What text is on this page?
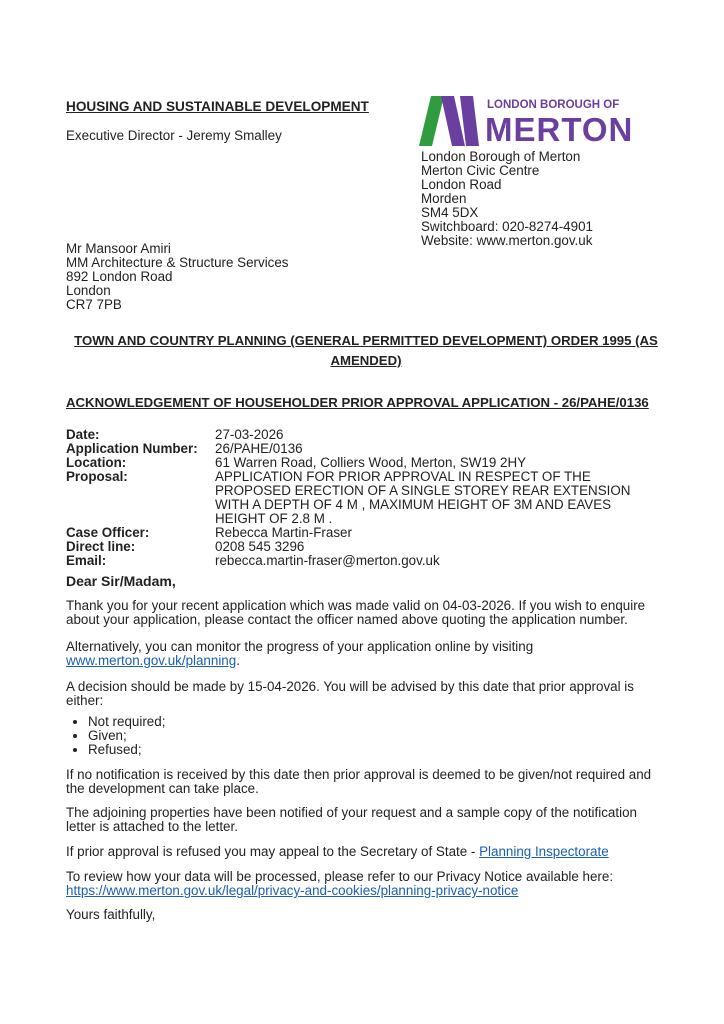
HOUSING AND SUSTAINABLE DEVELOPMENT
Executive Director - Jeremy Smalley
LONDON BOROUGH OF
MERTON
London Borough of Merton
Merton Civic Centre
London Road
Morden
SM4 5DX
Switchboard: 020-8274-4901
Website: www.merton.gov.uk
Mr Mansoor Amiri
MM Architecture & Structure Services
892 London Road
London
CR7 7PB
TOWN AND COUNTRY PLANNING (GENERAL PERMITTED DEVELOPMENT) ORDER 1995 (AS AMENDED)
ACKNOWLEDGEMENT OF HOUSEHOLDER PRIOR APPROVAL APPLICATION - 26/PAHE/0136
Date:	27-03-2026
Application Number:	26/PAHE/0136
Location:	61 Warren Road, Colliers Wood, Merton, SW19 2HY
Proposal:	APPLICATION FOR PRIOR APPROVAL IN RESPECT OF THE PROPOSED ERECTION OF A SINGLE STOREY REAR EXTENSION WITH A DEPTH OF 4 M , MAXIMUM HEIGHT OF 3M AND EAVES HEIGHT OF 2.8 M .
Case Officer:	Rebecca Martin-Fraser
Direct line:	0208 545 3296
Email:	rebecca.martin-fraser@merton.gov.uk
Dear Sir/Madam,
Thank you for your recent application which was made valid on 04-03-2026. If you wish to enquire about your application, please contact the officer named above quoting the application number.
Alternatively, you can monitor the progress of your application online by visiting
www.merton.gov.uk/planning.
A decision should be made by 15-04-2026. You will be advised by this date that prior approval is either:
• Not required;
• Given;
• Refused;
If no notification is received by this date then prior approval is deemed to be given/not required and the development can take place.
The adjoining properties have been notified of your request and a sample copy of the notification letter is attached to the letter.
If prior approval is refused you may appeal to the Secretary of State - Planning Inspectorate
To review how your data will be processed, please refer to our Privacy Notice available here:
https://www.merton.gov.uk/legal/privacy-and-cookies/planning-privacy-notice
Yours faithfully,
